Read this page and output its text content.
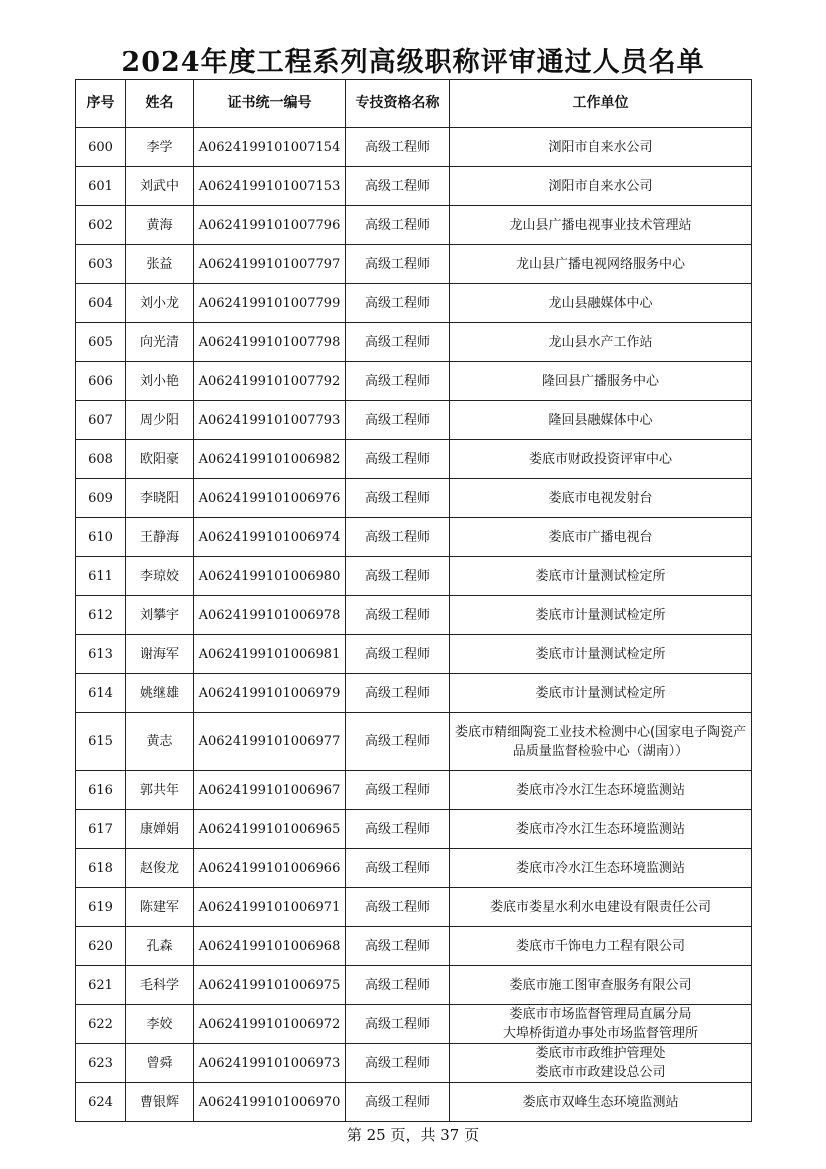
2024年度工程系列高级职称评审通过人员名单
序号	姓名	证书统一编号	专技资格名称	工作单位
600	李学	A0624199101007154	高级工程师	浏阳市自来水公司
601	刘武中	A0624199101007153	高级工程师	浏阳市自来水公司
602	黄海	A0624199101007796	高级工程师	龙山县广播电视事业技术管理站
603	张益	A0624199101007797	高级工程师	龙山县广播电视网络服务中心
604	刘小龙	A0624199101007799	高级工程师	龙山县融媒体中心
605	向光清	A0624199101007798	高级工程师	龙山县水产工作站
606	刘小艳	A0624199101007792	高级工程师	隆回县广播服务中心
607	周少阳	A0624199101007793	高级工程师	隆回县融媒体中心
608	欧阳豪	A0624199101006982	高级工程师	娄底市财政投资评审中心
609	李晓阳	A0624199101006976	高级工程师	娄底市电视发射台
610	王静海	A0624199101006974	高级工程师	娄底市广播电视台
611	李琼姣	A0624199101006980	高级工程师	娄底市计量测试检定所
612	刘攀宇	A0624199101006978	高级工程师	娄底市计量测试检定所
613	谢海军	A0624199101006981	高级工程师	娄底市计量测试检定所
614	姚继雄	A0624199101006979	高级工程师	娄底市计量测试检定所
615	黄志	A0624199101006977	高级工程师	娄底市精细陶瓷工业技术检测中心(国家电子陶瓷产品质量监督检验中心（湖南））
616	郭共年	A0624199101006967	高级工程师	娄底市冷水江生态环境监测站
617	康婵娟	A0624199101006965	高级工程师	娄底市冷水江生态环境监测站
618	赵俊龙	A0624199101006966	高级工程师	娄底市冷水江生态环境监测站
619	陈建军	A0624199101006971	高级工程师	娄底市娄星水利水电建设有限责任公司
620	孔森	A0624199101006968	高级工程师	娄底市千饰电力工程有限公司
621	毛科学	A0624199101006975	高级工程师	娄底市施工图审查服务有限公司
622	李姣	A0624199101006972	高级工程师	娄底市市场监督管理局直属分局
大埠桥街道办事处市场监督管理所
623	曾舜	A0624199101006973	高级工程师	娄底市市政维护管理处
娄底市市政建设总公司
624	曹银辉	A0624199101006970	高级工程师	娄底市双峰生态环境监测站
第 25 页，共 37 页
